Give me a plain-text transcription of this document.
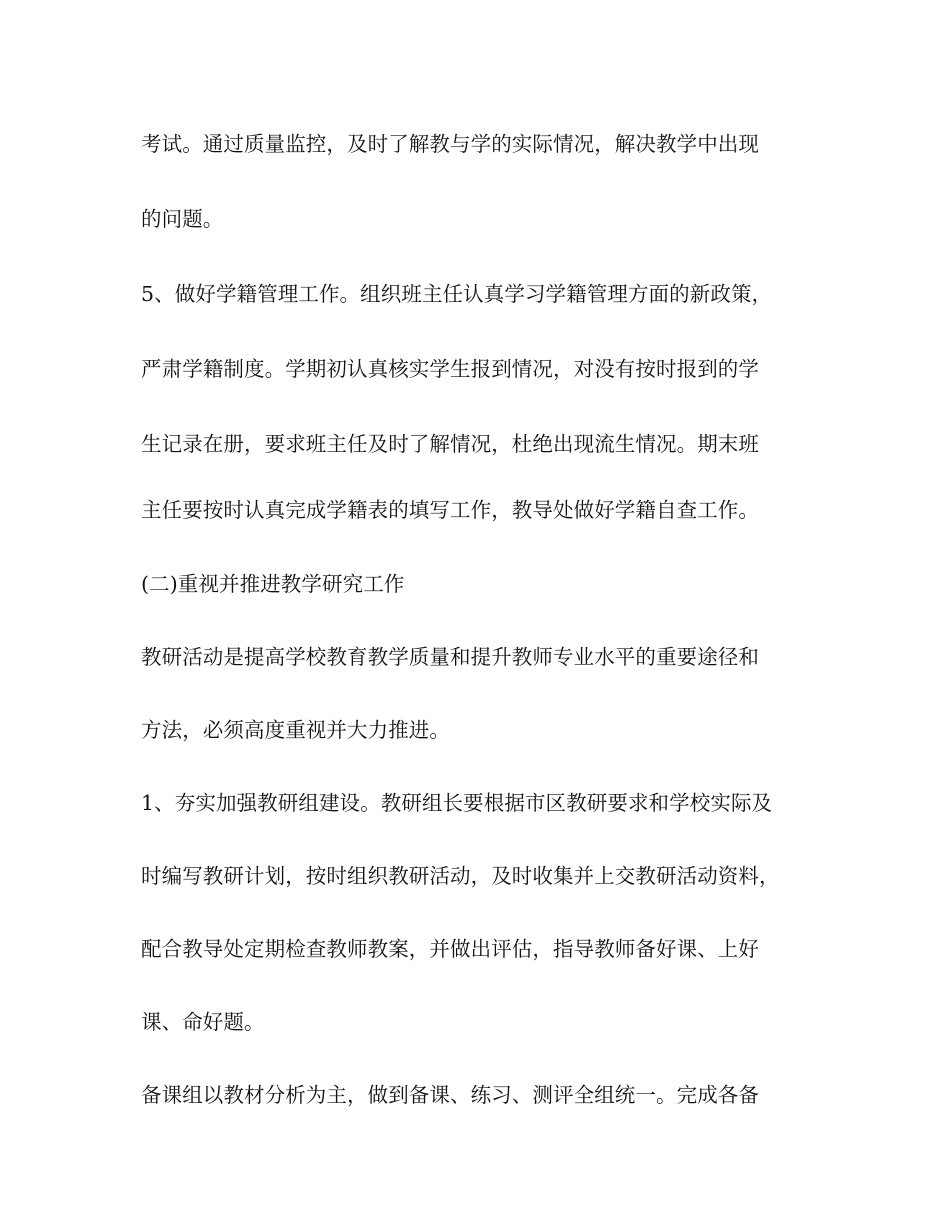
考试。通过质量监控，及时了解教与学的实际情况，解决教学中出现
的问题。
5、做好学籍管理工作。组织班主任认真学习学籍管理方面的新政策，
严肃学籍制度。学期初认真核实学生报到情况，对没有按时报到的学
生记录在册，要求班主任及时了解情况，杜绝出现流生情况。期末班
主任要按时认真完成学籍表的填写工作，教导处做好学籍自查工作。
(二)重视并推进教学研究工作
教研活动是提高学校教育教学质量和提升教师专业水平的重要途径和
方法，必须高度重视并大力推进。
1、夯实加强教研组建设。教研组长要根据市区教研要求和学校实际及
时编写教研计划，按时组织教研活动，及时收集并上交教研活动资料，
配合教导处定期检查教师教案，并做出评估，指导教师备好课、上好
课、命好题。
备课组以教材分析为主，做到备课、练习、测评全组统一。完成各备
